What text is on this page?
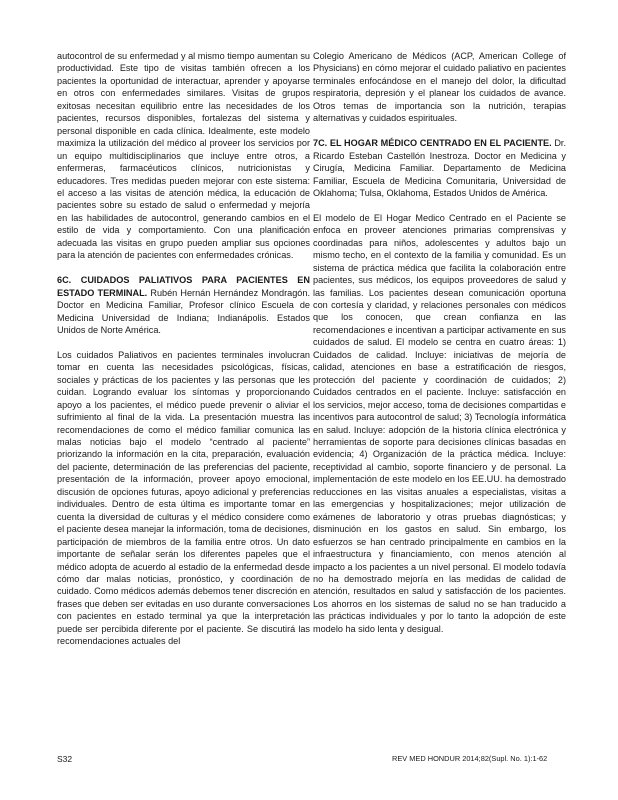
autocontrol de su enfermedad y al mismo tiempo aumentan su productividad. Este tipo de visitas también ofrecen a los pacientes la oportunidad de interactuar, aprender y apoyarse en otros con enfermedades similares. Visitas de grupos exitosas necesitan equilibrio entre las necesidades de los pacientes, recursos disponibles, fortalezas del sistema y personal disponible en cada clínica. Idealmente, este modelo maximiza la utilización del médico al proveer los servicios por un equipo multidisciplinarios que incluye entre otros, a enfermeras, farmacéuticos clínicos, nutricionistas y educadores. Tres medidas pueden mejorar con este sistema: el acceso a las visitas de atención médica, la educación de pacientes sobre su estado de salud o enfermedad y mejoría en las habilidades de autocontrol, generando cambios en el estilo de vida y comportamiento. Con una planificación adecuada las visitas en grupo pueden ampliar sus opciones para la atención de pacientes con enfermedades crónicas.

6C. CUIDADOS PALIATIVOS PARA PACIENTES EN ESTADO TERMINAL. Rubén Hernán Hernández Mondragón. Doctor en Medicina Familiar, Profesor clínico Escuela de Medicina Universidad de Indiana; Indianápolis. Estados Unidos de Norte América.

Los cuidados Paliativos en pacientes terminales involucran tomar en cuenta las necesidades psicológicas, físicas, sociales y prácticas de los pacientes y las personas que les cuidan. Logrando evaluar los síntomas y proporcionando apoyo a los pacientes, el médico puede prevenir o aliviar el sufrimiento al final de la vida. La presentación muestra las recomendaciones de como el médico familiar comunica las malas noticias bajo el modelo “centrado al paciente” priorizando la información en la cita, preparación, evaluación del paciente, determinación de las preferencias del paciente, presentación de la información, proveer apoyo emocional, discusión de opciones futuras, apoyo adicional y preferencias individuales. Dentro de esta última es importante tomar en cuenta la diversidad de culturas y el médico considere como el paciente desea manejar la información, toma de decisiones, participación de miembros de la familia entre otros. Un dato importante de señalar serán los diferentes papeles que el médico adopta de acuerdo al estadio de la enfermedad desde cómo dar malas noticias, pronóstico, y coordinación de cuidado. Como médicos además debemos tener discreción en frases que deben ser evitadas en uso durante conversaciones con pacientes en estado terminal ya que la interpretación puede ser percibida diferente por el paciente. Se discutirá las recomendaciones actuales del

Colegio Americano de Médicos (ACP, American College of Physicians) en cómo mejorar el cuidado paliativo en pacientes terminales enfocándose en el manejo del dolor, la dificultad respiratoria, depresión y el planear los cuidados de avance. Otros temas de importancia son la nutrición, terapias alternativas y cuidados espirituales.

7C. EL HOGAR MÉDICO CENTRADO EN EL PACIENTE. Dr. Ricardo Esteban Castellón Inestroza. Doctor en Medicina y Cirugía, Medicina Familiar. Departamento de Medicina Familiar, Escuela de Medicina Comunitaria, Universidad de Oklahoma; Tulsa, Oklahoma, Estados Unidos de América.

El modelo de El Hogar Medico Centrado en el Paciente se enfoca en proveer atenciones primarias comprensivas y coordinadas para niños, adolescentes y adultos bajo un mismo techo, en el contexto de la familia y comunidad. Es un sistema de práctica médica que facilita la colaboración entre pacientes, sus médicos, los equipos proveedores de salud y las familias. Los pacientes desean comunicación oportuna con cortesía y claridad, y relaciones personales con médicos que los conocen, que crean confianza en las recomendaciones e incentivan a participar activamente en sus cuidados de salud. El modelo se centra en cuatro áreas: 1) Cuidados de calidad. Incluye: iniciativas de mejoría de calidad, atenciones en base a estratificación de riesgos, protección del paciente y coordinación de cuidados; 2) Cuidados centrados en el paciente. Incluye: satisfacción en los servicios, mejor acceso, toma de decisiones compartidas e incentivos para autocontrol de salud; 3) Tecnología informática en salud. Incluye: adopción de la historia clínica electrónica y herramientas de soporte para decisiones clínicas basadas en evidencia; 4) Organización de la práctica médica. Incluye: receptividad al cambio, soporte financiero y de personal. La implementación de este modelo en los EE.UU. ha demostrado reducciones en las visitas anuales a especialistas, visitas a las emergencias y hospitalizaciones; mejor utilización de exámenes de laboratorio y otras pruebas diagnósticas; y disminución en los gastos en salud. Sin embargo, los esfuerzos se han centrado principalmente en cambios en la infraestructura y financiamiento, con menos atención al impacto a los pacientes a un nivel personal. El modelo todavía no ha demostrado mejoría en las medidas de calidad de atención, resultados en salud y satisfacción de los pacientes. Los ahorros en los sistemas de salud no se han traducido a las prácticas individuales y por lo tanto la adopción de este modelo ha sido lenta y desigual.

S32	REV MED HONDUR 2014;82(Supl. No. 1):1-62
